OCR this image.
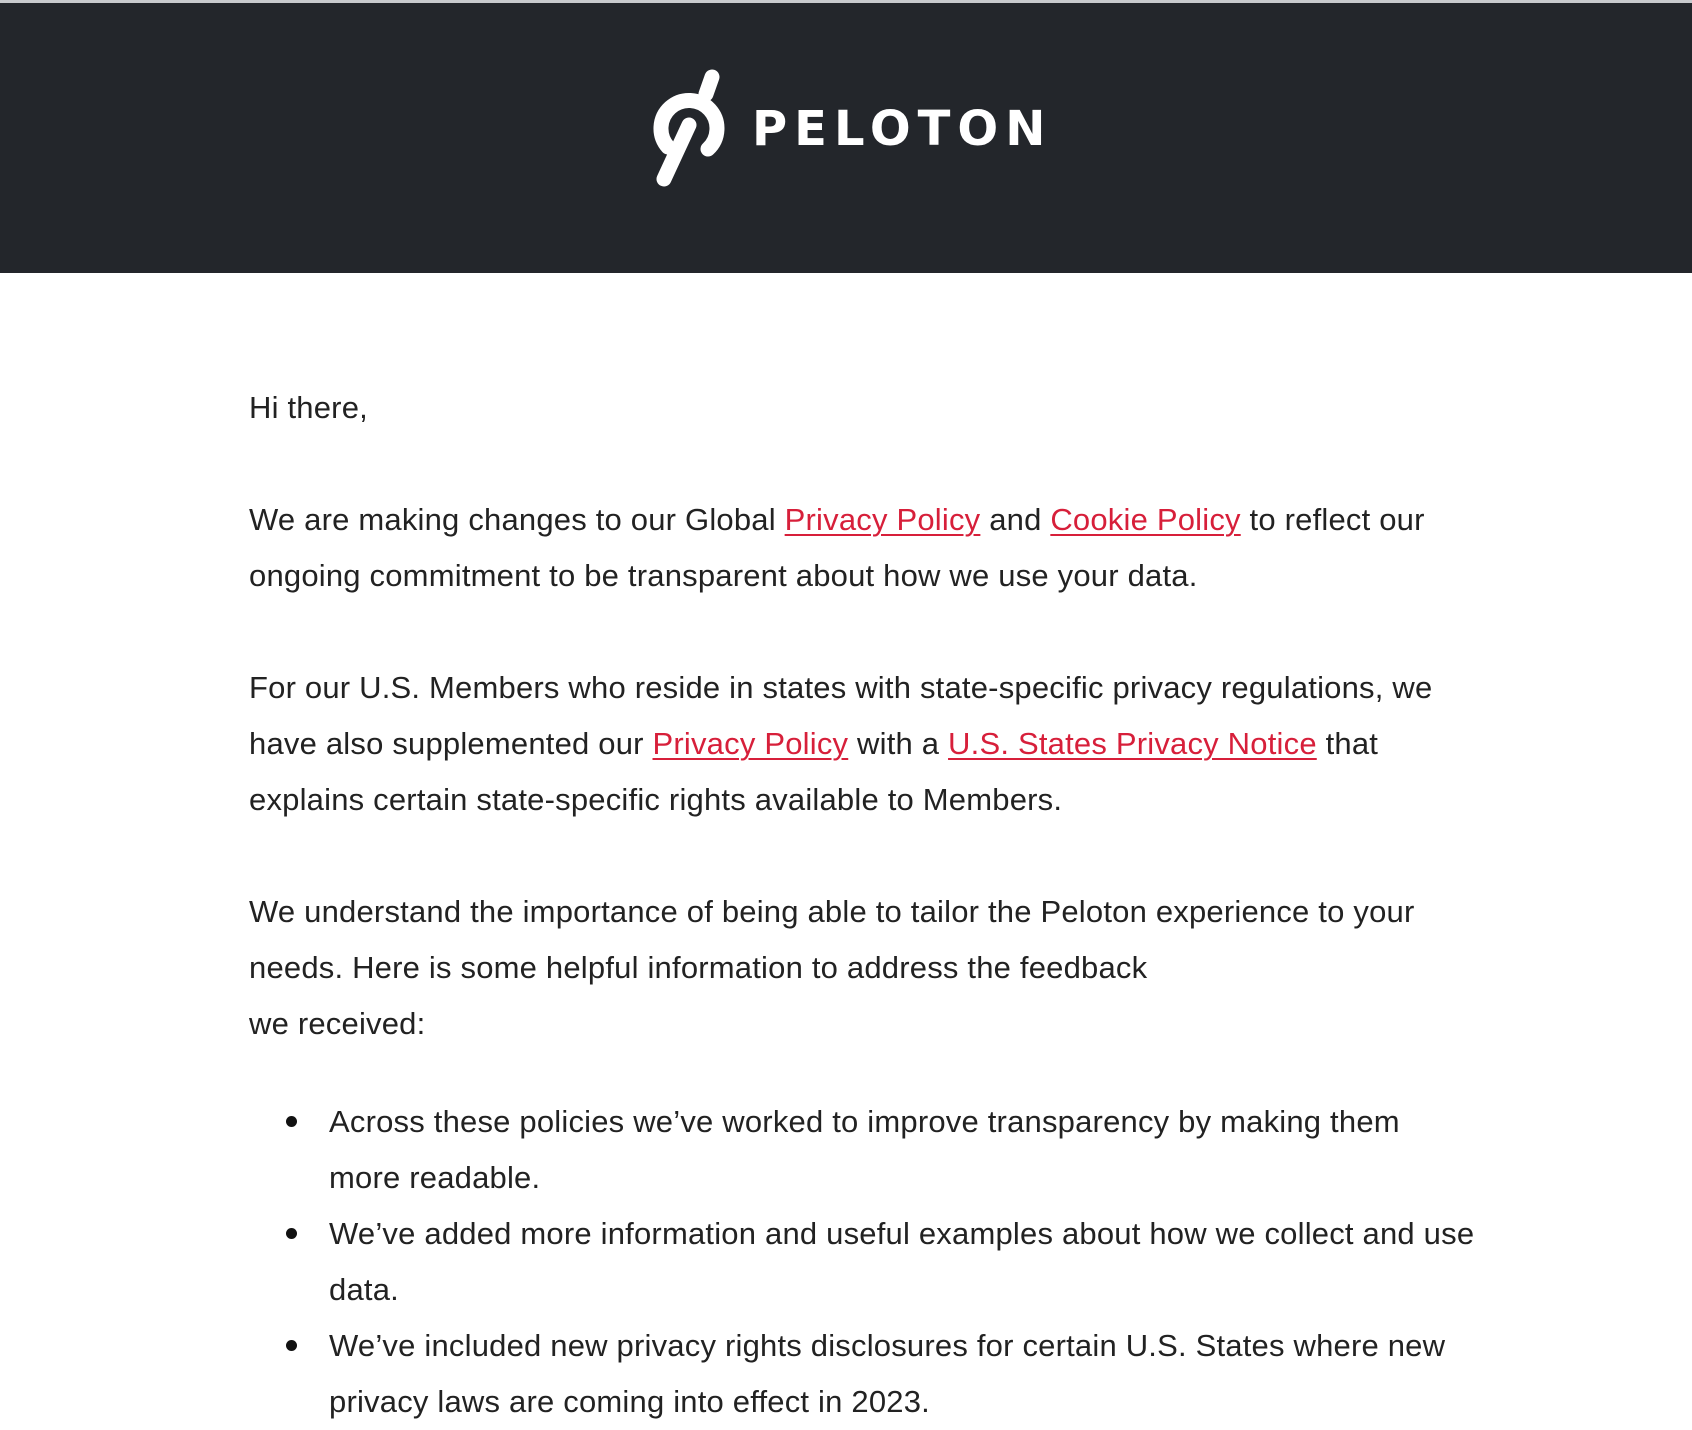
PELOTON

Hi there,

We are making changes to our Global Privacy Policy and Cookie Policy to reflect our ongoing commitment to be transparent about how we use your data.

For our U.S. Members who reside in states with state-specific privacy regulations, we have also supplemented our Privacy Policy with a U.S. States Privacy Notice that explains certain state-specific rights available to Members.

We understand the importance of being able to tailor the Peloton experience to your needs. Here is some helpful information to address the feedback
we received:

Across these policies we’ve worked to improve transparency by making them more readable.
We’ve added more information and useful examples about how we collect and use data.
We’ve included new privacy rights disclosures for certain U.S. States where new privacy laws are coming into effect in 2023.
